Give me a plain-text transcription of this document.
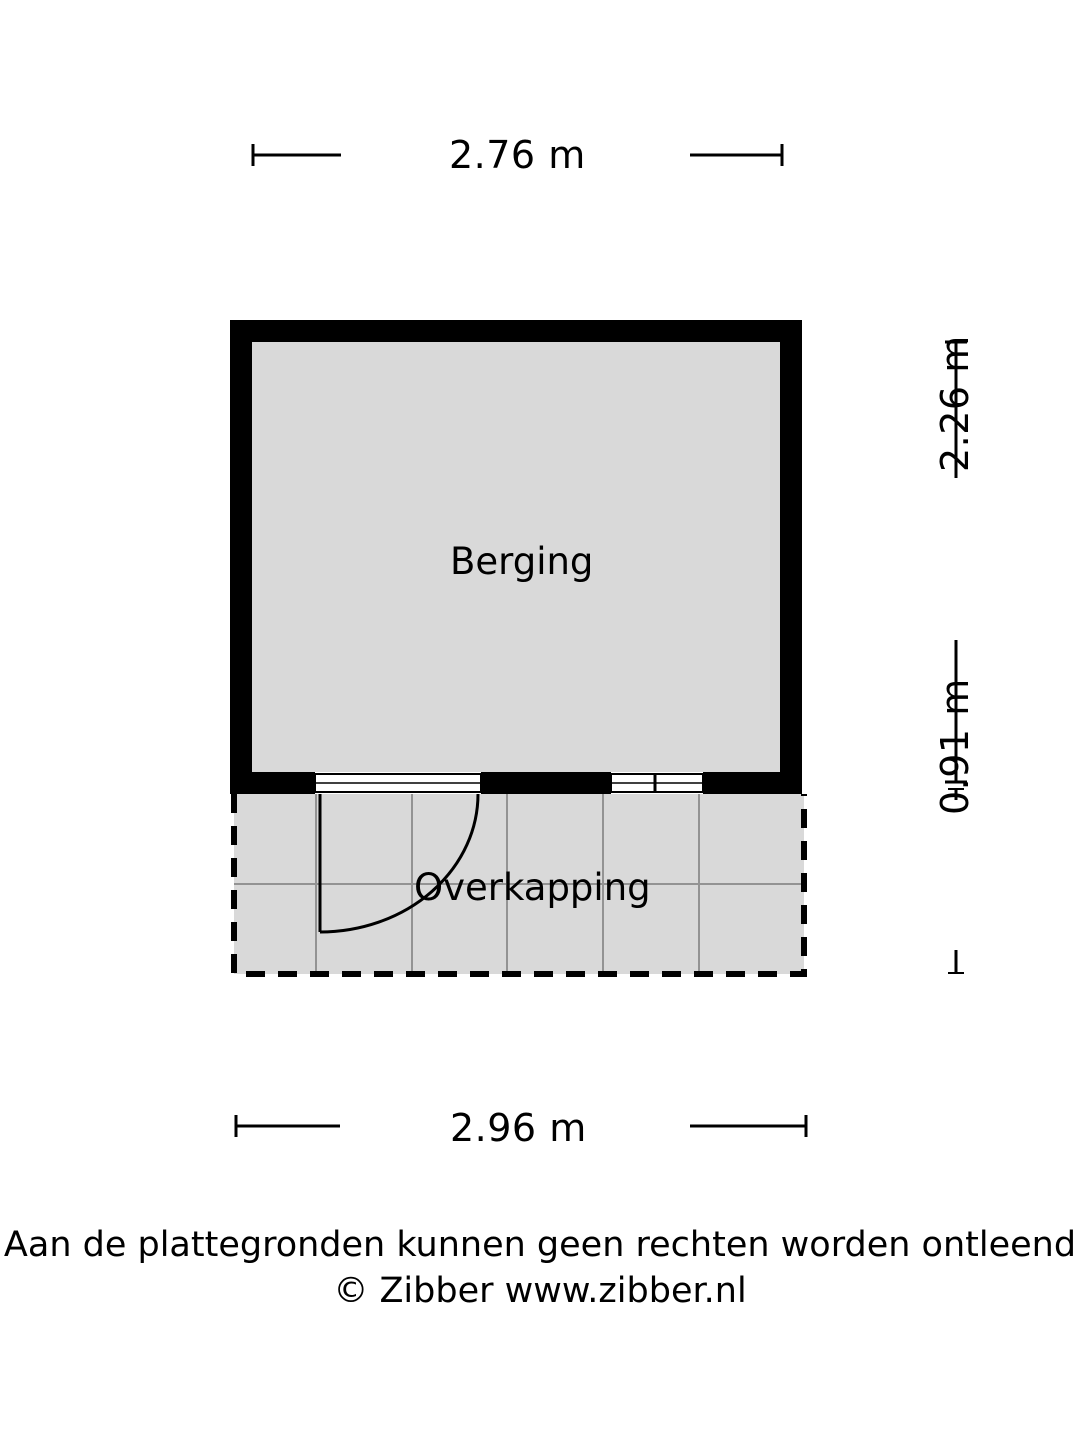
2.76 m
2.96 m
2.26 m
0.91 m
Berging
Overkapping
Aan de plattegronden kunnen geen rechten worden ontleend
© Zibber www.zibber.nl
